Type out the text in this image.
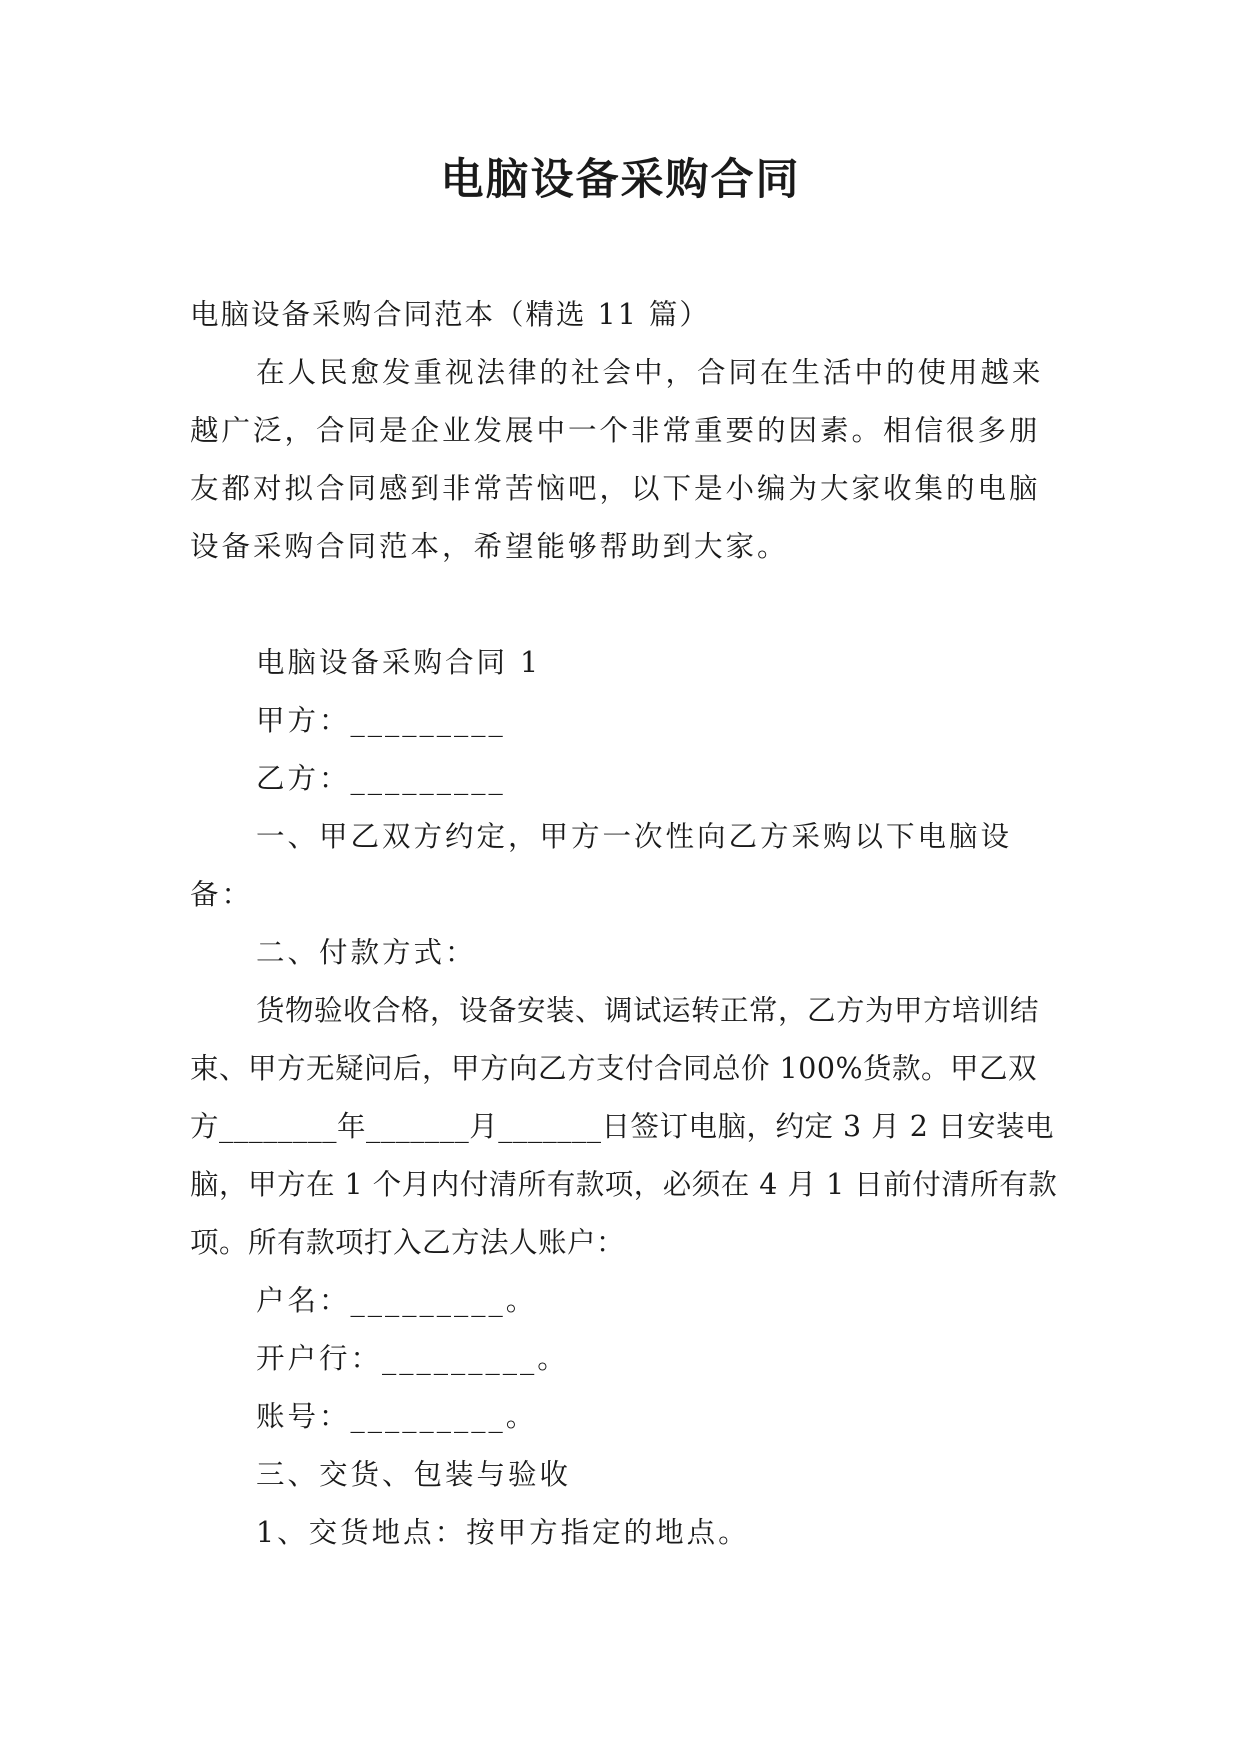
电脑设备采购合同

电脑设备采购合同范本（精选 11 篇）

在人民愈发重视法律的社会中，合同在生活中的使用越来越广泛，合同是企业发展中一个非常重要的因素。相信很多朋友都对拟合同感到非常苦恼吧，以下是小编为大家收集的电脑设备采购合同范本，希望能够帮助到大家。

电脑设备采购合同 1

甲方：_________

乙方：_________

一、甲乙双方约定，甲方一次性向乙方采购以下电脑设备：

二、付款方式：

货物验收合格，设备安装、调试运转正常，乙方为甲方培训结束、甲方无疑问后，甲方向乙方支付合同总价 100%货款。甲乙双方________年_______月_______日签订电脑，约定 3 月 2 日安装电脑，甲方在 1 个月内付清所有款项，必须在 4 月 1 日前付清所有款项。所有款项打入乙方法人账户：

户名：_________。

开户行：_________。

账号：_________。

三、交货、包装与验收

1、交货地点：按甲方指定的地点。
